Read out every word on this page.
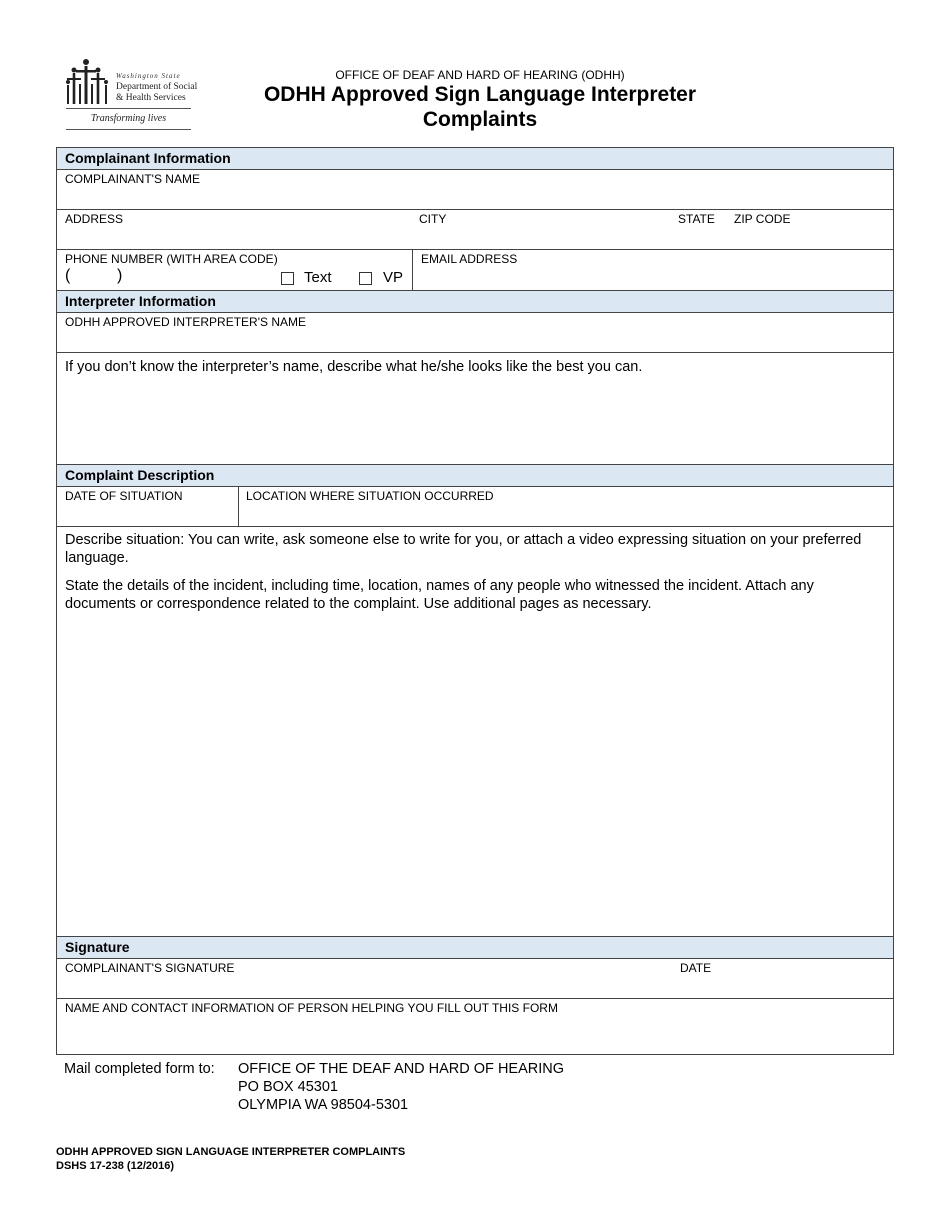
Washington State
Department of Social
& Health Services
Transforming lives
OFFICE OF DEAF AND HARD OF HEARING (ODHH)
ODHH Approved Sign Language Interpreter
Complaints
Complainant Information
COMPLAINANT'S NAME
ADDRESS	CITY	STATE ZIP CODE
PHONE NUMBER (WITH AREA CODE)
(	)	Text	VP
EMAIL ADDRESS
Interpreter Information
ODHH APPROVED INTERPRETER'S NAME
If you don’t know the interpreter’s name, describe what he/she looks like the best you can.
Complaint Description
DATE OF SITUATION	LOCATION WHERE SITUATION OCCURRED
Describe situation: You can write, ask someone else to write for you, or attach a video expressing situation on your preferred language.
State the details of the incident, including time, location, names of any people who witnessed the incident. Attach any documents or correspondence related to the complaint. Use additional pages as necessary.
Signature
COMPLAINANT'S SIGNATURE	DATE
NAME AND CONTACT INFORMATION OF PERSON HELPING YOU FILL OUT THIS FORM
Mail completed form to: OFFICE OF THE DEAF AND HARD OF HEARING
PO BOX 45301
OLYMPIA WA 98504-5301
ODHH APPROVED SIGN LANGUAGE INTERPRETER COMPLAINTS
DSHS 17-238 (12/2016)
